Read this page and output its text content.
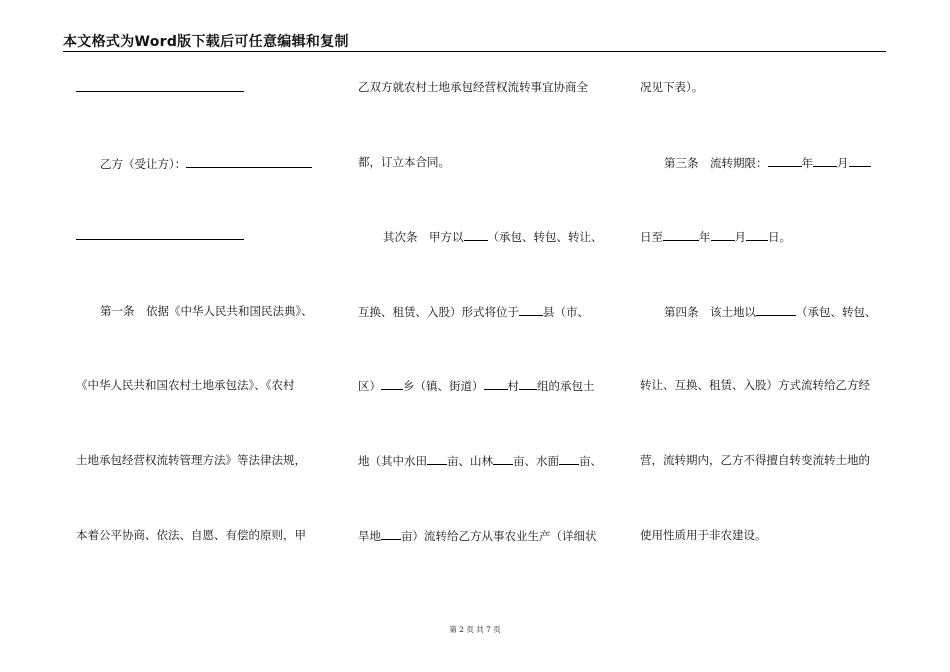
本文格式为Word版下载后可任意编辑和复制
乙方（受让方）：
第一条　依据《中华人民共和国民法典》、
《中华人民共和国农村土地承包法》、《农村
土地承包经营权流转管理方法》等法律法规，
本着公平协商、依法、自愿、有偿的原则，甲
乙双方就农村土地承包经营权流转事宜协商全
都，订立本合同。
其次条　甲方以 （承包、转包、转让、
互换、租赁、入股）形式将位于 县（市、
区） 乡（镇、街道） 村 组的承包土
地（其中水田 亩、山林 亩、水面 亩、
旱地 亩）流转给乙方从事农业生产（详细状
况见下表）。
第三条　流转期限：	年 月
日至	年 月 日。
第四条　该土地以	（承包、转包、
转让、互换、租赁、入股）方式流转给乙方经
营，流转期内，乙方不得擅自转变流转土地的
使用性质用于非农建设。
第 2 页 共 7 页
